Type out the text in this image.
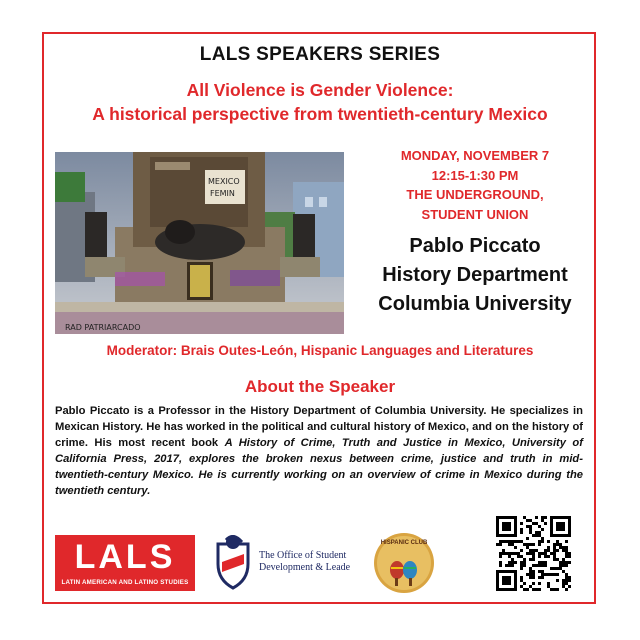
LALS SPEAKERS SERIES
All Violence is Gender Violence:
A historical perspective from twentieth-century Mexico
MEXICO
FEMIN
RAD PATRIARCADO
MONDAY, NOVEMBER 7
12:15-1:30 PM
THE UNDERGROUND,
STUDENT UNION
Pablo Piccato
History Department
Columbia University
Moderator: Brais Outes-León, Hispanic Languages and Literatures
About the Speaker
Pablo Piccato is a Professor in the History Department of Columbia University. He specializes in Mexican History. He has worked in the political and cultural history of Mexico, and on the history of crime. His most recent book A History of Crime, Truth and Justice in Mexico, University of California Press, 2017, explores the broken nexus between crime, justice and truth in mid-twentieth-century Mexico. He is currently working on an overview of crime in Mexico during the twentieth century.
LALS
LATIN AMERICAN AND LATINO STUDIES
The Office of Student
Development & Leade
HISPANIC CLUB
